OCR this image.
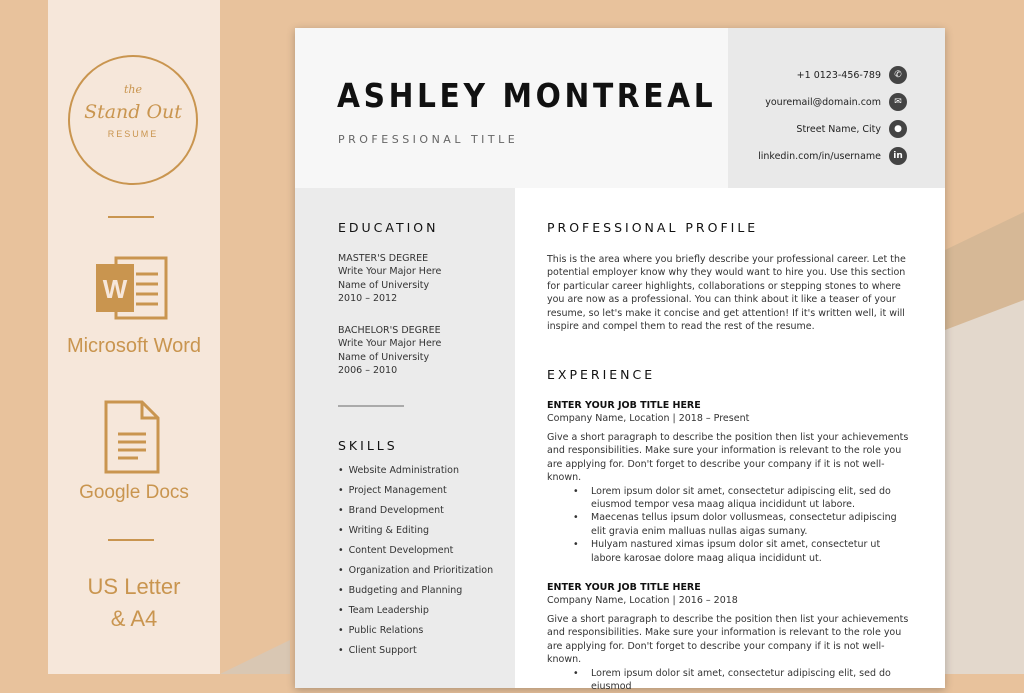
the
Stand Out
RESUME
W
Microsoft Word
Google Docs
US Letter
& A4
ASHLEY MONTREAL
PROFESSIONAL TITLE
+1 0123-456-789	✆
youremail@domain.com	✉
Street Name, City	●
linkedin.com/in/username	in
EDUCATION
MASTER'S DEGREE
Write Your Major Here
Name of University
2010 – 2012
BACHELOR'S DEGREE
Write Your Major Here
Name of University
2006 – 2010
SKILLS
• Website Administration
• Project Management
• Brand Development
• Writing & Editing
• Content Development
• Organization and Prioritization
• Budgeting and Planning
• Team Leadership
• Public Relations
• Client Support
PROFESSIONAL PROFILE

This is the area where you briefly describe your professional career. Let the potential employer know why they would want to hire you. Use this section for particular career highlights, collaborations or stepping stones to where you are now as a professional. You can think about it like a teaser of your resume, so let's make it concise and get attention! If it's written well, it will inspire and compel them to read the rest of the resume.

EXPERIENCE
ENTER YOUR JOB TITLE HERE
Company Name, Location | 2018 – Present

Give a short paragraph to describe the position then list your achievements and responsibilities. Make sure your information is relevant to the role you are applying for. Don't forget to describe your company if it is not well-known.

• Lorem ipsum dolor sit amet, consectetur adipiscing elit, sed do eiusmod tempor vesa maag aliqua incididunt ut labore.
• Maecenas tellus ipsum dolor vollusmeas, consectetur adipiscing elit gravia enim malluas nullas aigas sumany.
• Hulyam nastured ximas ipsum dolor sit amet, consectetur ut labore karosae dolore maag aliqua incididunt ut.
ENTER YOUR JOB TITLE HERE
Company Name, Location | 2016 – 2018

Give a short paragraph to describe the position then list your achievements and responsibilities. Make sure your information is relevant to the role you are applying for. Don't forget to describe your company if it is not well-known.

• Lorem ipsum dolor sit amet, consectetur adipiscing elit, sed do eiusmod
